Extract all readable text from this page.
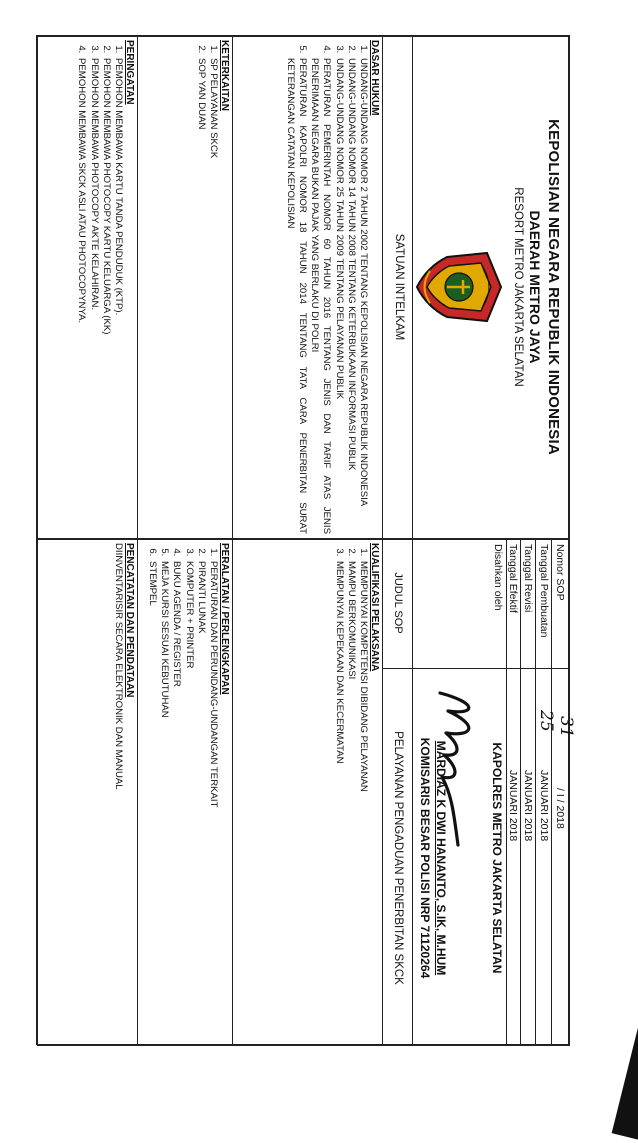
KEPOLISIAN NEGARA REPUBLIK INDONESIA
DAERAH METRO JAYA
RESORT METRO JAKARTA SELATAN
SATUAN INTELKAM
Nomor SOP
Tanggal Pembuatan
Tanggal Revisi
Tanggal Efektif
Disahkan oleh
31
/ I / 2018
25
JANUARI 2018
JANUARI 2018
JANUARI 2018
KAPOLRES METRO JAKARTA SELATAN
MARDIAZ K DWI HANANTO, S.IK, M.HUM
KOMISARIS BESAR POLISI NRP 71120264
JUDUL SOP
PELAYANAN PENGADUAN PENERBITAN SKCK
DASAR HUKUM
1. UNDANG-UNDANG NOMOR 2 TAHUN 2002 TENTANG KEPOLISIAN NEGARA REPUBLIK INDONESIA
2. UNDANG-UNDANG NOMOR 14 TAHUN 2008 TENTANG KETERBUKAAN INFORMASI PUBLIK
3. UNDANG-UNDANG NOMOR 25 TAHUN 2009 TENTANG PELAYANAN PUBLIK
4. PERATURAN PEMERINTAH NOMOR 60 TAHUN 2016 TENTANG JENIS DAN TARIF ATAS JENIS PENERIMAAN NEGARA BUKAN PAJAK YANG BERLAKU DI POLRI
5. PERATURAN KAPOLRI NOMOR 18 TAHUN 2014 TENTANG TATA CARA PENERBITAN SURAT KETERANGAN CATATAN KEPOLISIAN
KUALIFIKASI PELAKSANA
1. MEMPUNYAI KOMPETENSI DIBIDANG PELAYANAN
2. MAMPU BERKOMUNIKASI
3. MEMPUNYAI KEPEKAAN DAN KECERMATAN
KETERKAITAN
1. SP PELAYANAN SKCK
2. SOP YAN DUAN
PERALATAN / PERLENGKAPAN
1. PERATURAN DAN PERUNDANG-UNDANGAN TERKAIT
2. PIRANTI LUNAK
3. KOMPUTER + PRINTER
4. BUKU AGENDA / REGISTER
5. MEJA KURSI SESUAI KEBUTUHAN
6. STEMPEL
PERINGATAN
1. PEMOHON MEMBAWA KARTU TANDA PENDUDUK (KTP).
2. PEMOHON MEMBAWA PHOTOCOPY KARTU KELUARGA (KK)
3. PEMOHON MEMBAWA PHOTOCOPY AKTE KELAHIRAN.
4. PEMOHON MEMBAWA SKCK ASLI ATAU PHOTOCOPYNYA.
PENCATATAN DAN PENDATAAN
DIINVENTARISIR SECARA ELEKTRONIK DAN MANUAL
